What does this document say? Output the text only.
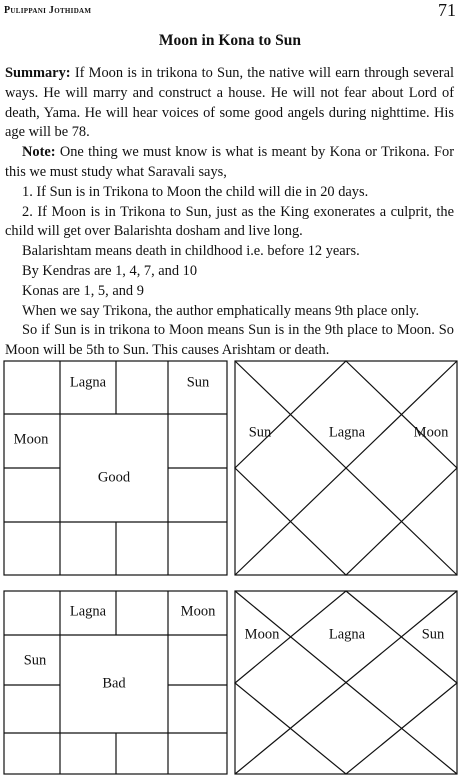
Pulippani Jothidam	71
Moon in Kona to Sun

Summary: If Moon is in trikona to Sun, the native will earn through several ways. He will marry and construct a house. He will not fear about Lord of death, Yama. He will hear voices of some good angels during nighttime. His age will be 78.

Note: One thing we must know is what is meant by Kona or Trikona. For this we must study what Saravali says,

1. If Sun is in Trikona to Moon the child will die in 20 days.

2. If Moon is in Trikona to Sun, just as the King exonerates a culprit, the child will get over Balarishta dosham and live long.

Balarishtam means death in childhood i.e. before 12 years.

By Kendras are 1, 4, 7, and 10

Konas are 1, 5, and 9

When we say Trikona, the author emphatically means 9th place only.

So if Sun is in trikona to Moon means Sun is in the 9th place to Moon. So Moon will be 5th to Sun. This causes Arishtam or death.

Lagna	Sun
Moon
Good
Sun	Lagna	Moon
Lagna	Moon
Sun
Bad
Moon	Lagna	Sun
